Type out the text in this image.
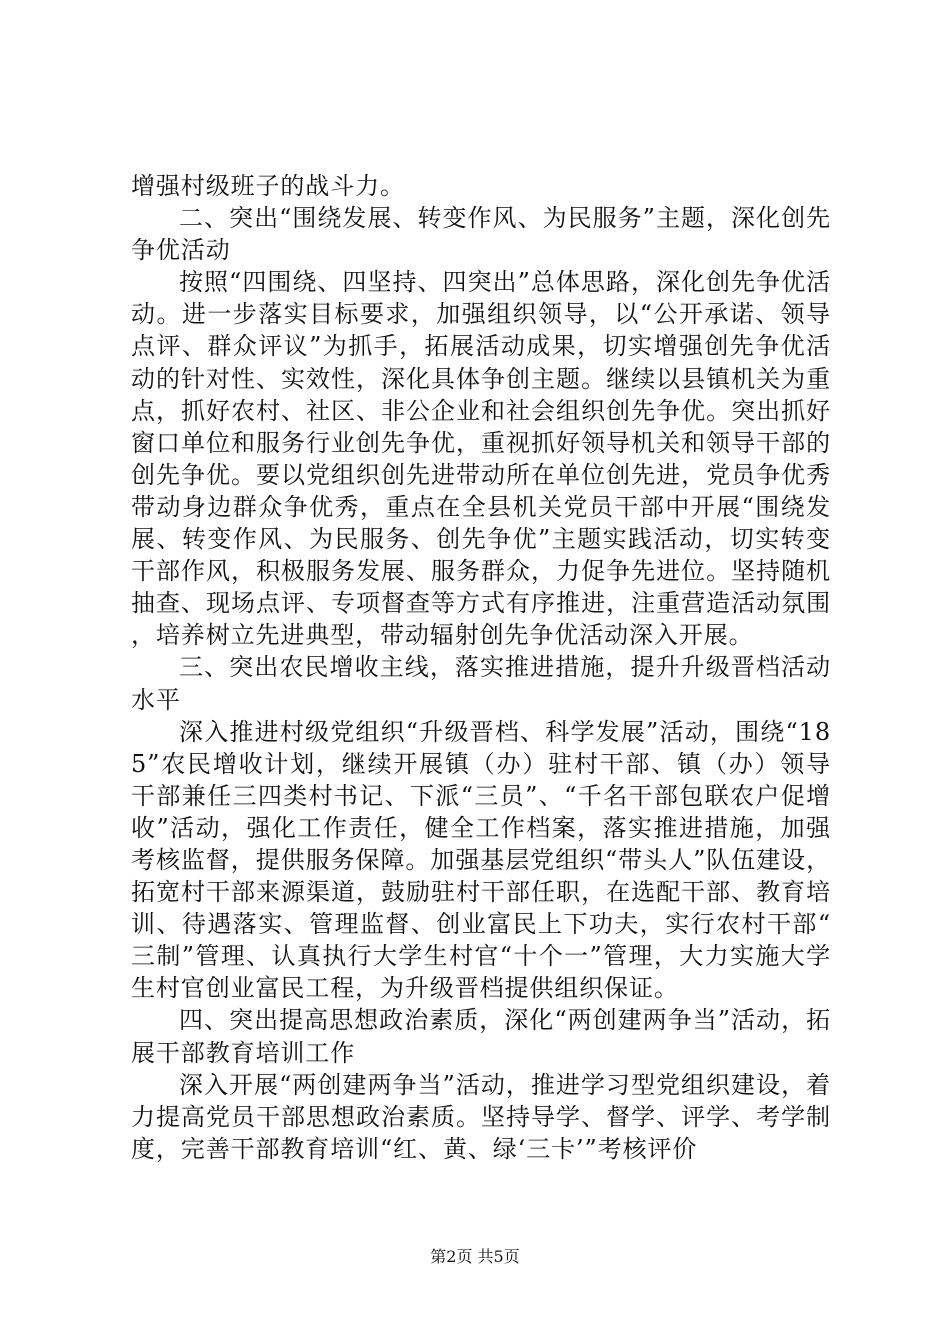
增强村级班子的战斗力。

二、突出“围绕发展、转变作风、为民服务”主题，深化创先争优活动

按照“四围绕、四坚持、四突出”总体思路，深化创先争优活动。进一步落实目标要求，加强组织领导，以“公开承诺、领导点评、群众评议”为抓手，拓展活动成果，切实增强创先争优活动的针对性、实效性，深化具体争创主题。继续以县镇机关为重点，抓好农村、社区、非公企业和社会组织创先争优。突出抓好窗口单位和服务行业创先争优，重视抓好领导机关和领导干部的创先争优。要以党组织创先进带动所在单位创先进，党员争优秀带动身边群众争优秀，重点在全县机关党员干部中开展“围绕发展、转变作风、为民服务、创先争优”主题实践活动，切实转变干部作风，积极服务发展、服务群众，力促争先进位。坚持随机抽查、现场点评、专项督查等方式有序推进，注重营造活动氛围，培养树立先进典型，带动辐射创先争优活动深入开展。

三、突出农民增收主线，落实推进措施，提升升级晋档活动水平

深入推进村级党组织“升级晋档、科学发展”活动，围绕“185”农民增收计划，继续开展镇（办）驻村干部、镇（办）领导干部兼任三四类村书记、下派“三员”、“千名干部包联农户促增收”活动，强化工作责任，健全工作档案，落实推进措施，加强考核监督，提供服务保障。加强基层党组织“带头人”队伍建设，拓宽村干部来源渠道，鼓励驻村干部任职，在选配干部、教育培训、待遇落实、管理监督、创业富民上下功夫，实行农村干部“三制”管理、认真执行大学生村官“十个一”管理，大力实施大学生村官创业富民工程，为升级晋档提供组织保证。

四、突出提高思想政治素质，深化“两创建两争当”活动，拓展干部教育培训工作

深入开展“两创建两争当”活动，推进学习型党组织建设，着力提高党员干部思想政治素质。坚持导学、督学、评学、考学制度，完善干部教育培训“红、黄、绿‘三卡’”考核评价

第2页 共5页
